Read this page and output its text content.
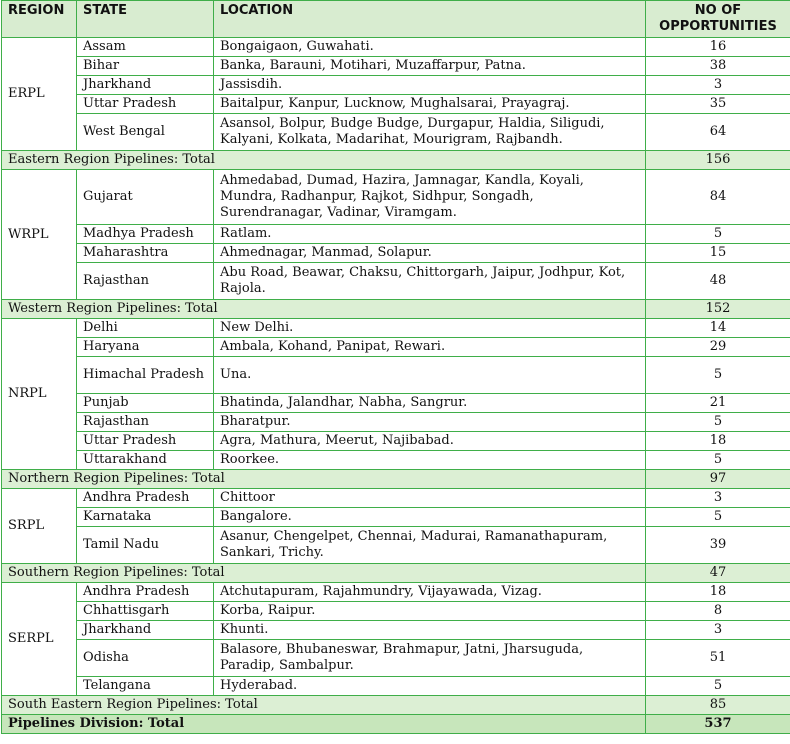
REGION	STATE	LOCATION	NO OF OPPORTUNITIES
ERPL	Assam	Bongaigaon, Guwahati.	16
	Bihar	Banka, Barauni, Motihari, Muzaffarpur, Patna.	38
	Jharkhand	Jassisdih.	3
	Uttar Pradesh	Baitalpur, Kanpur, Lucknow, Mughalsarai, Prayagraj.	35
	West Bengal	Asansol, Bolpur, Budge Budge, Durgapur, Haldia, Siligudi, Kalyani, Kolkata, Madarihat, Mourigram, Rajbandh.	64
Eastern Region Pipelines: Total			156
WRPL	Gujarat	Ahmedabad, Dumad, Hazira, Jamnagar, Kandla, Koyali, Mundra, Radhanpur, Rajkot, Sidhpur, Songadh, Surendranagar, Vadinar, Viramgam.	84
	Madhya Pradesh	Ratlam.	5
	Maharashtra	Ahmednagar, Manmad, Solapur.	15
	Rajasthan	Abu Road, Beawar, Chaksu, Chittorgarh, Jaipur, Jodhpur, Kot, Rajola.	48
Western Region Pipelines: Total			152
NRPL	Delhi	New Delhi.	14
	Haryana	Ambala, Kohand, Panipat, Rewari.	29
	Himachal Pradesh	Una.	5
	Punjab	Bhatinda, Jalandhar, Nabha, Sangrur.	21
	Rajasthan	Bharatpur.	5
	Uttar Pradesh	Agra, Mathura, Meerut, Najibabad.	18
	Uttarakhand	Roorkee.	5
Northern Region Pipelines: Total			97
SRPL	Andhra Pradesh	Chittoor	3
	Karnataka	Bangalore.	5
	Tamil Nadu	Asanur, Chengelpet, Chennai, Madurai, Ramanathapuram, Sankari, Trichy.	39
Southern Region Pipelines: Total			47
SERPL	Andhra Pradesh	Atchutapuram, Rajahmundry, Vijayawada, Vizag.	18
	Chhattisgarh	Korba, Raipur.	8
	Jharkhand	Khunti.	3
	Odisha	Balasore, Bhubaneswar, Brahmapur, Jatni, Jharsuguda, Paradip, Sambalpur.	51
	Telangana	Hyderabad.	5
South Eastern Region Pipelines: Total			85
Pipelines Division: Total			537
